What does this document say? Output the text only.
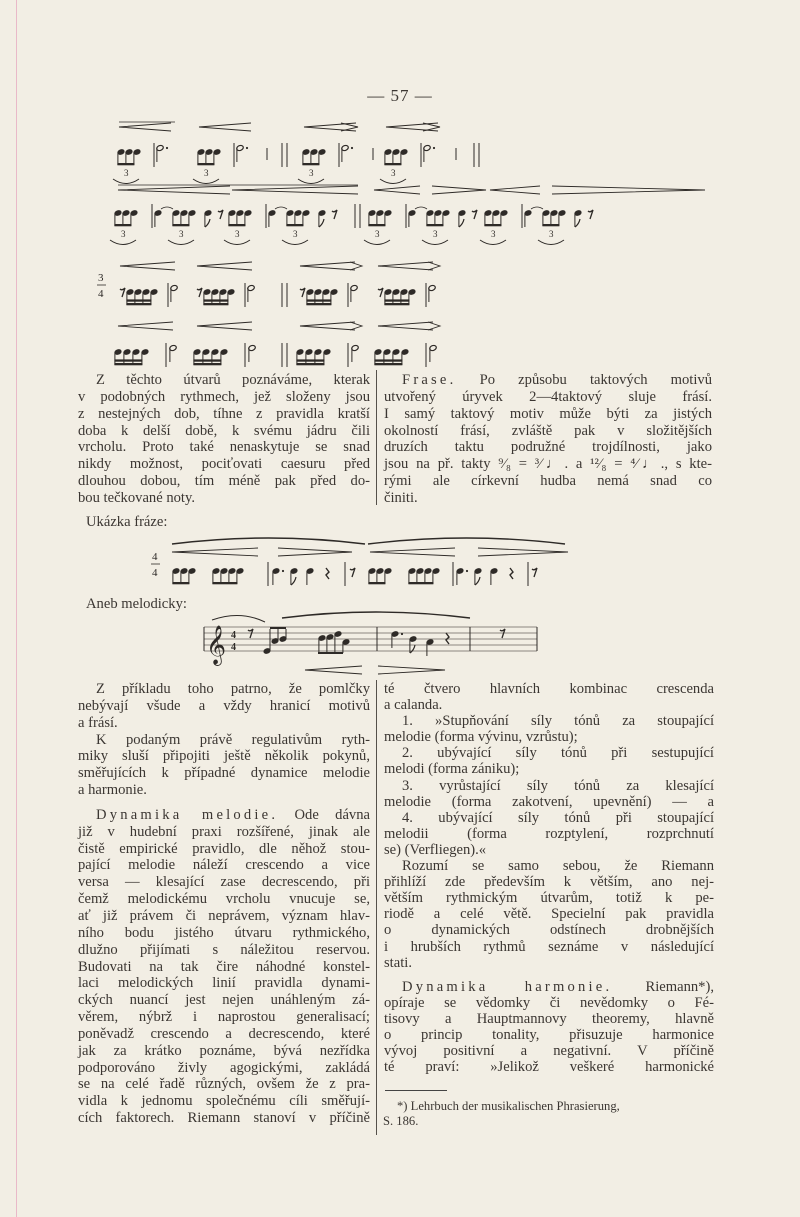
— 57 —
3	3	3	3
3	3	3	3	3	3	3	3
3
4
4
4
𝄞 4
4
Z těchto útvarů poznáváme, kterak
v podobných rythmech, jež složeny jsou
z nestejných dob, tíhne z pravidla kratší
doba k delší době, k svému jádru čili
vrcholu. Proto také nenaskytuje se snad
nikdy možnost, pociťovati caesuru před
dlouhou dobou, tím méně pak před do-
bou tečkované noty.
Frase. Po způsobu taktových motivů
utvořený úryvek 2—4taktový sluje frásí.
I samý taktový motiv může býti za jistých
okolností frásí, zvláště pak v složitějších
druzích taktu podružné trojdílnosti, jako
jsou na př. takty ⁹⁄₈ = ³⁄♩. a ¹²⁄₈ = ⁴⁄♩., s kte-
rými ale církevní hudba nemá snad co
činiti.
Ukázka fráze:
Aneb melodicky:
Z příkladu toho patrno, že pomlčky
nebývají všude a vždy hranicí motivů
a frásí.
K podaným právě regulativům ryth-
miky sluší připojiti ještě několik pokynů,
směřujících k případné dynamice melodie
a harmonie.
Dynamika melodie. Ode dávna
již v hudební praxi rozšířené, jinak ale
čistě empirické pravidlo, dle něhož stou-
pající melodie náleží crescendo a vice
versa — klesající zase decrescendo, při
čemž melodickému vrcholu vnucuje se,
ať již právem či neprávem, význam hlav-
ního bodu jistého útvaru rythmického,
dlužno přijímati s náležitou reservou.
Budovati na tak čire náhodné konstel-
laci melodických linií pravidla dynami-
ckých nuancí jest nejen unáhleným zá-
věrem, nýbrž i naprostou generalisací;
poněvadž crescendo a decrescendo, které
jak za krátko poznáme, bývá nezřídka
podporováno živly agogickými, zakládá
se na celé řadě různých, ovšem že z pra-
vidla k jednomu společnému cíli směřují-
cích faktorech. Riemann stanoví v příčině
té čtvero hlavních kombinac crescenda
a calanda.
1. »Stupňování síly tónů za stoupající
melodie (forma vývinu, vzrůstu);
2. ubývající síly tónů při sestupující
melodi (forma zániku);
3. vyrůstající síly tónů za klesající
melodie (forma zakotvení, upevnění) — a
4. ubývající síly tónů při stoupající
melodii (forma rozptylení, rozprchnutí
se) (Verfliegen).«
Rozumí se samo sebou, že Riemann
přihlíží zde především k větším, ano nej-
větším rythmickým útvarům, totiž k pe-
riodě a celé větě. Specielní pak pravidla
o dynamických odstínech drobnějších
i hrubších rythmů seznáme v následující
stati.
Dynamika harmonie. Riemann*),
opíraje se vědomky či nevědomky o Fé-
tisovy a Hauptmannovy theoremy, hlavně
o princip tonality, přisuzuje harmonice
vývoj positivní a negativní. V příčině
té praví: »Jelikož veškeré harmonické
*) Lehrbuch der musikalischen Phrasierung,
S. 186.
